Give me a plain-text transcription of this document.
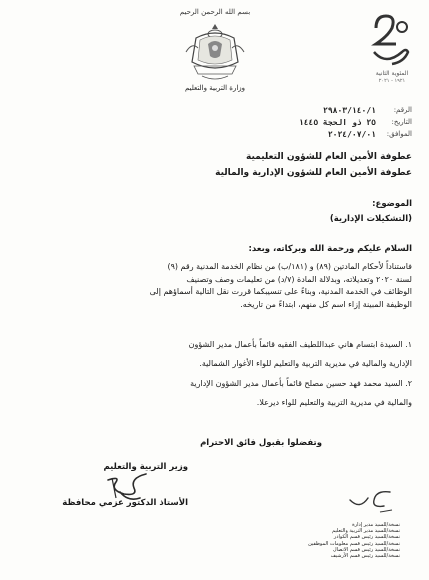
بسم الله الرحمن الرحيم
وزارة التربية والتعليم
المئوية الثانية
١٩٢١ - ٢٠٢١
الرقم:
٢٩٨٠٣/١٤٠/١
التاريخ:
٢٥ ذو الحجة ١٤٤٥
الموافق:
٢٠٢٤/٠٧/٠١
عطوفة الأمين العام للشؤون التعليمية
عطوفة الأمين العام للشؤون الإدارية والمالية
الموضوع:
(التشكيلات الإدارية)
السلام عليكم ورحمة الله وبركاته، وبعد:
فاستناداً لأحكام المادتين (٨٩) و (١٨١/ب) من نظام الخدمة المدنية رقم (٩)
لسنة ٢٠٢٠ وتعديلاته، وبدلالة المادة (٧/د) من تعليمات وصف وتصنيف
الوظائف في الخدمة المدنية، وبناءً على تنسيبكما قررت نقل التالية أسماؤهم إلى
الوظيفة المبينة إزاء اسم كل منهم، ابتداءً من تاريخه.
١. السيدة ابتسام هاني عبداللطيف الفقيه قائماً بأعمال مدير الشؤون
الإدارية والمالية في مديرية التربية والتعليم للواء الأغوار الشمالية.
٢. السيد محمد فهد حسين مصلح قائماً بأعمال مدير الشؤون الإدارية
والمالية في مديرية التربية والتعليم للواء ديرعلا.
وتفضلوا بقبول فائق الاحترام
وزير التربية والتعليم
الأستاذ الدكتور عزمي محافظة
نسخة/للسيد مدير إدارة
نسخة/للسيد مدير التربية والتعليم
نسخة/للسيد رئيس قسم الكوادر
نسخة/للسيد رئيس قسم معلومات الموظفين
نسخة/للسيد رئيس قسم الاتصال
نسخة/للسيد رئيس قسم الأرشيف
